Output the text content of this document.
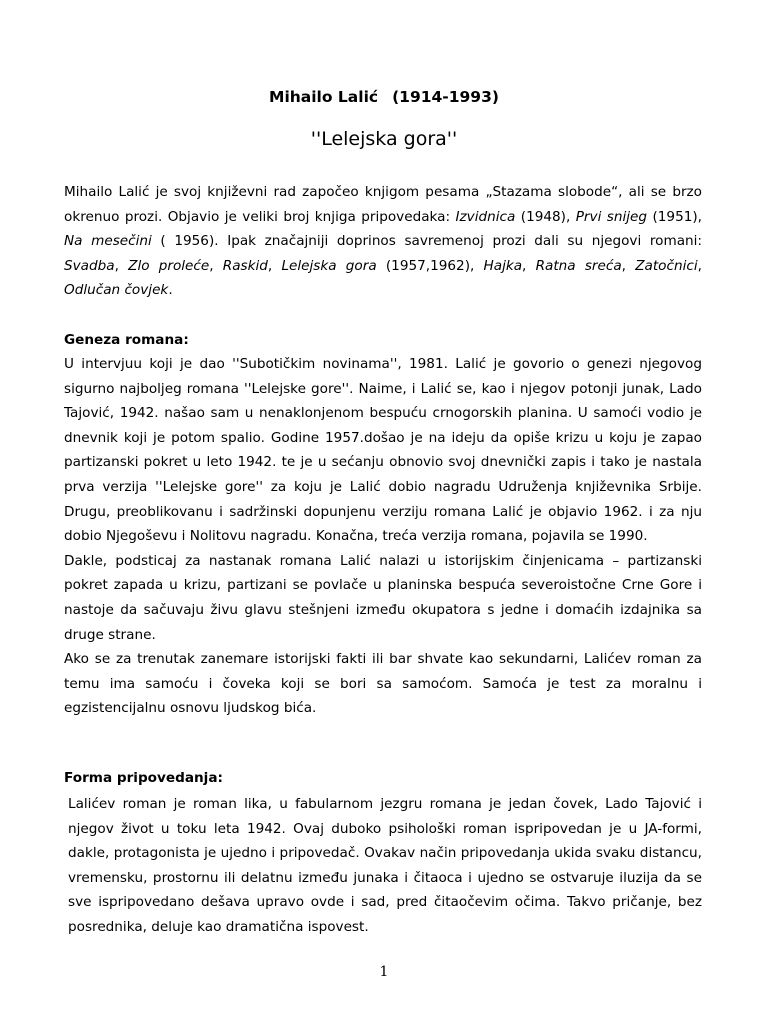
Mihailo Lalić (1914-1993)
''Lelejska gora''
Mihailo Lalić je svoj književni rad započeo knjigom pesama „Stazama slobode“, ali se brzo okrenuo prozi. Objavio je veliki broj knjiga pripovedaka: Izvidnica (1948), Prvi snijeg (1951), Na mesečini ( 1956). Ipak značajniji doprinos savremenoj prozi dali su njegovi romani: Svadba, Zlo proleće, Raskid, Lelejska gora (1957,1962), Hajka, Ratna sreća, Zatočnici, Odlučan čovjek.
Geneza romana:
U intervjuu koji je dao ''Subotičkim novinama'', 1981. Lalić je govorio o genezi njegovog sigurno najboljeg romana ''Lelejske gore''. Naime, i Lalić se, kao i njegov potonji junak, Lado Tajović, 1942. našao sam u nenaklonjenom bespuću crnogorskih planina. U samoći vodio je dnevnik koji je potom spalio. Godine 1957.došao je na ideju da opiše krizu u koju je zapao partizanski pokret u leto 1942. te je u sećanju obnovio svoj dnevnički zapis i tako je nastala prva verzija ''Lelejske gore'' za koju je Lalić dobio nagradu Udruženja književnika Srbije. Drugu, preoblikovanu i sadržinski dopunjenu verziju romana Lalić je objavio 1962. i za nju dobio Njegoševu i Nolitovu nagradu. Konačna, treća verzija romana, pojavila se 1990.
Dakle, podsticaj za nastanak romana Lalić nalazi u istorijskim činjenicama – partizanski pokret zapada u krizu, partizani se povlače u planinska bespuća severoistočne Crne Gore i nastoje da sačuvaju živu glavu stešnjeni između okupatora s jedne i domaćih izdajnika sa druge strane.
Ako se za trenutak zanemare istorijski fakti ili bar shvate kao sekundarni, Lalićev roman za temu ima samoću i čoveka koji se bori sa samoćom. Samoća je test za moralnu i egzistencijalnu osnovu ljudskog bića.
Forma pripovedanja:
Lalićev roman je roman lika, u fabularnom jezgru romana je jedan čovek, Lado Tajović i njegov život u toku leta 1942. Ovaj duboko psihološki roman ispripovedan je u JA-formi, dakle, protagonista je ujedno i pripovedač. Ovakav način pripovedanja ukida svaku distancu, vremensku, prostornu ili delatnu između junaka i čitaoca i ujedno se ostvaruje iluzija da se sve ispripovedano dešava upravo ovde i sad, pred čitaočevim očima. Takvo pričanje, bez posrednika, deluje kao dramatična ispovest.
1
